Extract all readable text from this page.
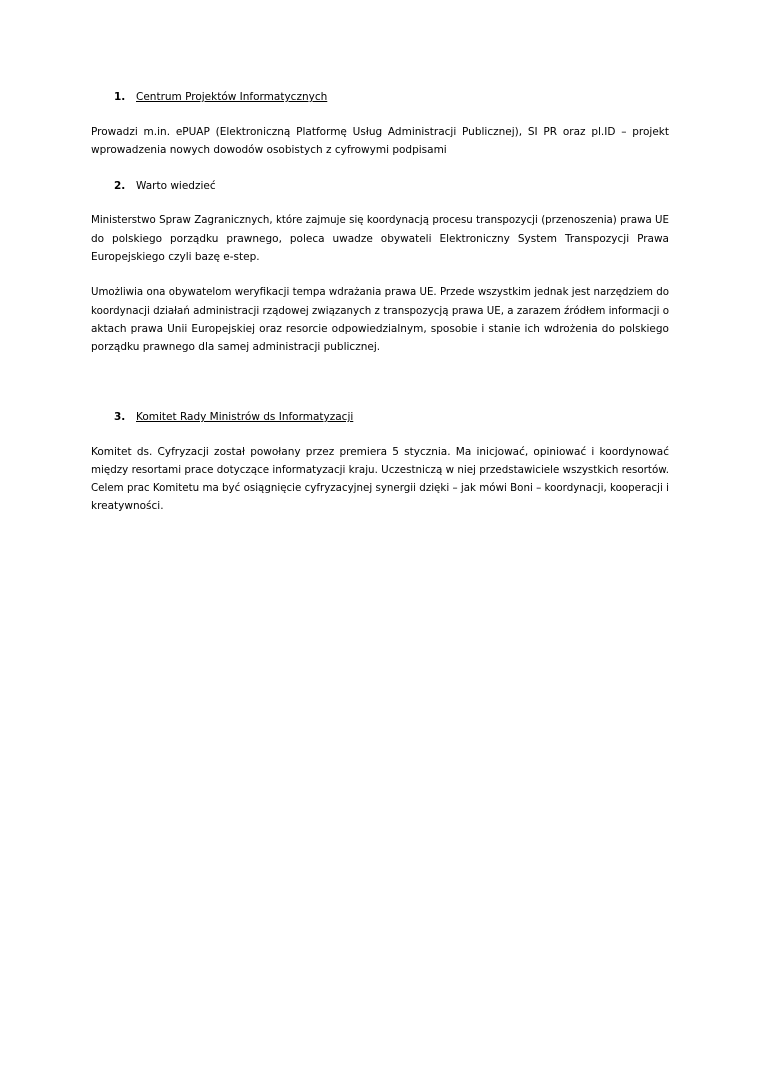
1. Centrum Projektów Informatycznych
Prowadzi m.in. ePUAP (Elektroniczną Platformę Usług Administracji Publicznej), SI PR oraz pl.ID – projekt
wprowadzenia nowych dowodów osobistych z cyfrowymi podpisami
2. Warto wiedzieć
Ministerstwo Spraw Zagranicznych, które zajmuje się koordynacją procesu transpozycji (przenoszenia) prawa UE
do polskiego porządku prawnego, poleca uwadze obywateli Elektroniczny System Transpozycji Prawa
Europejskiego czyli bazę e-step.
Umożliwia ona obywatelom weryfikacji tempa wdrażania prawa UE. Przede wszystkim jednak jest narzędziem do
koordynacji działań administracji rządowej związanych z transpozycją prawa UE, a zarazem źródłem informacji o
aktach prawa Unii Europejskiej oraz resorcie odpowiedzialnym, sposobie i stanie ich wdrożenia do polskiego
porządku prawnego dla samej administracji publicznej.
3. Komitet Rady Ministrów ds Informatyzacji
Komitet ds. Cyfryzacji został powołany przez premiera 5 stycznia. Ma inicjować, opiniować i koordynować
między resortami prace dotyczące informatyzacji kraju. Uczestniczą w niej przedstawiciele wszystkich resortów.
Celem prac Komitetu ma być osiągnięcie cyfryzacyjnej synergii dzięki – jak mówi Boni – koordynacji, kooperacji i
kreatywności.
